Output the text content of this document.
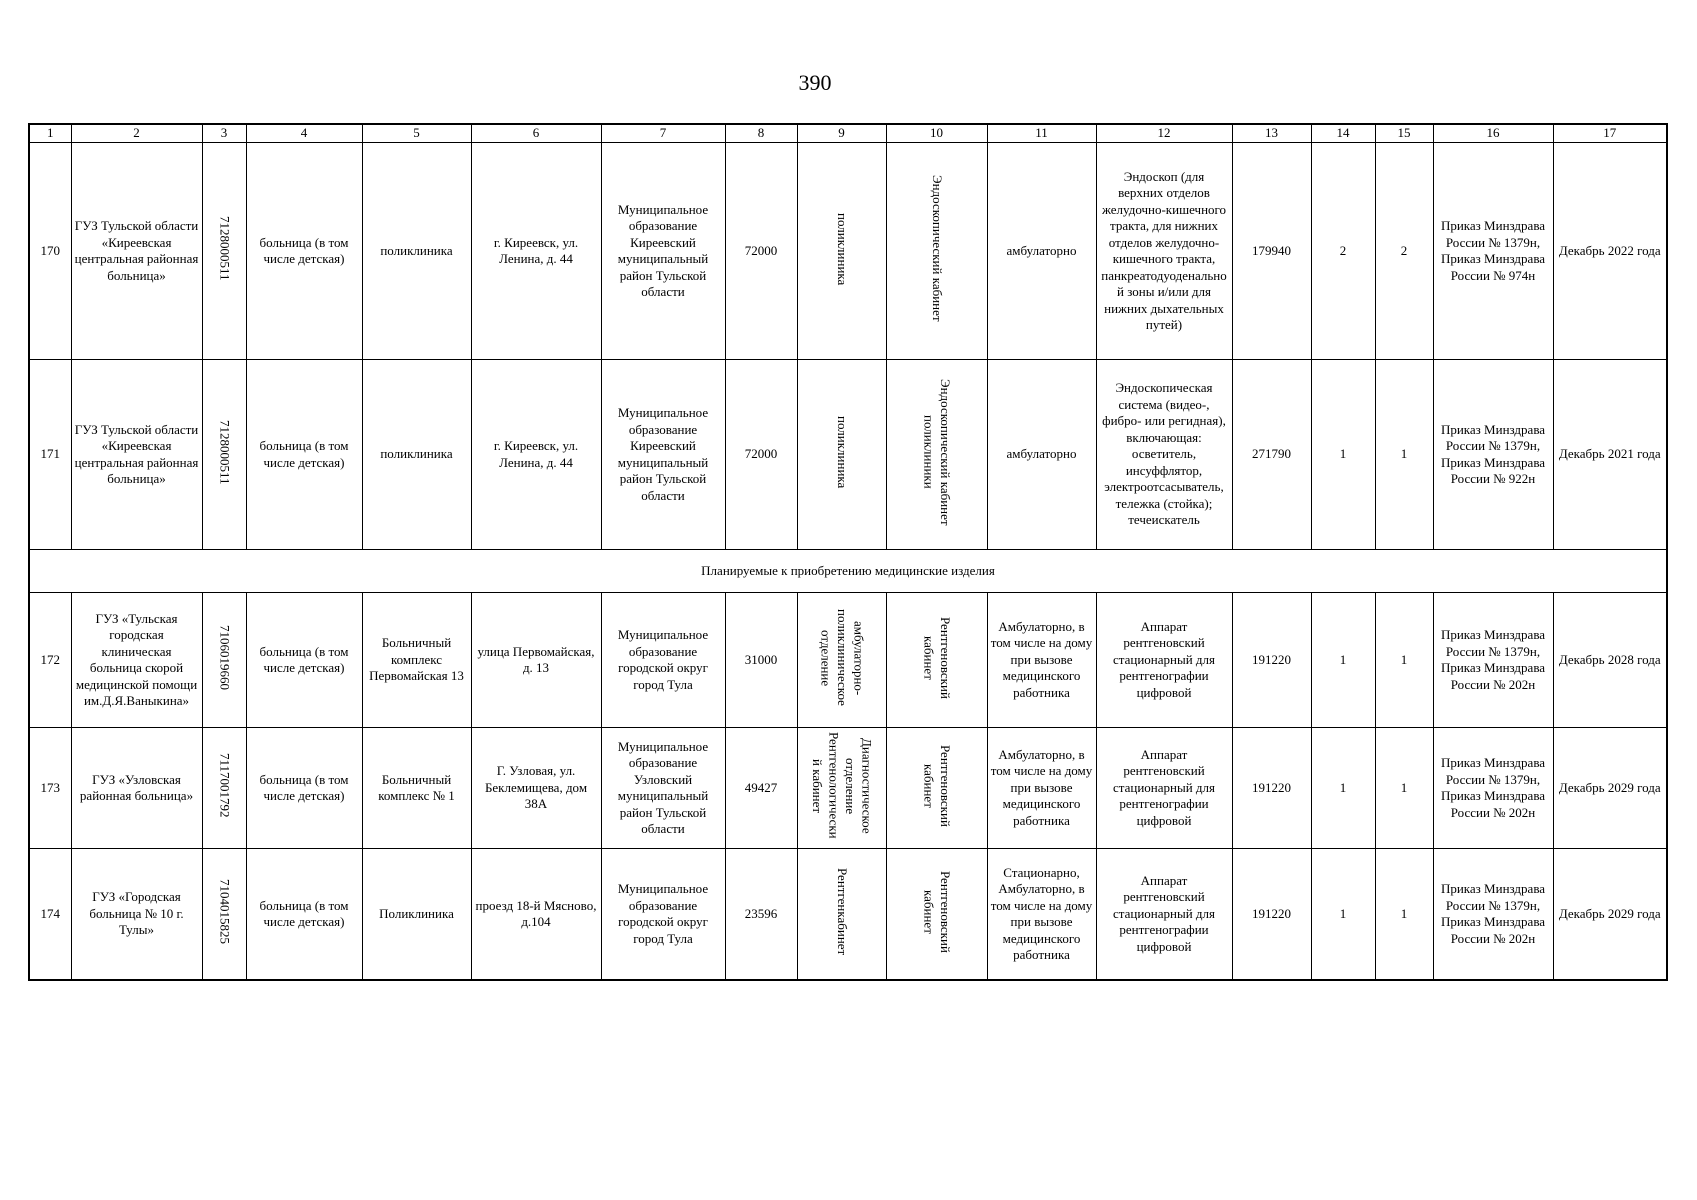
390
1	2	3	4	5	6	7	8	9	10	11	12	13	14	15	16	17
170	ГУЗ Тульской области «Киреевская центральная районная больница»	7128000511	больница (в том числе детская)	поликлиника	г. Киреевск, ул. Ленина, д. 44	Муниципальное образование Киреевский муниципальный район Тульской области	72000	поликлиника	Эндоскопический кабинет	амбулаторно	Эндоскоп (для верхних отделов желудочно-кишечного тракта, для нижних отделов желудочно-кишечного тракта, панкреатодуоденальной зоны и/или для нижних дыхательных путей)	179940	2	2	Приказ Минздрава России № 1379н, Приказ Минздрава России № 974н	Декабрь 2022 года
171	ГУЗ Тульской области «Киреевская центральная районная больница»	7128000511	больница (в том числе детская)	поликлиника	г. Киреевск, ул. Ленина, д. 44	Муниципальное образование Киреевский муниципальный район Тульской области	72000	поликлиника	Эндоскопический кабинет поликлиники	амбулаторно	Эндоскопическая система (видео-, фибро- или регидная), включающая: осветитель, инсуффлятор, электроотсасыватель, тележка (стойка); течеискатель	271790	1	1	Приказ Минздрава России № 1379н, Приказ Минздрава России № 922н	Декабрь 2021 года
Планируемые к приобретению медицинские изделия																
172	ГУЗ «Тульская городская клиническая больница скорой медицинской помощи им.Д.Я.Ваныкина»	7106019660	больница (в том числе детская)	Больничный комплекс Первомайская 13	улица Первомайская, д. 13	Муниципальное образование городской округ город Тула	31000	амбулаторно-поликлиническое отделение	Рентгеновский кабинет	Амбулаторно, в том числе на дому при вызове медицинского работника	Аппарат рентгеновский стационарный для рентгенографии цифровой	191220	1	1	Приказ Минздрава России № 1379н, Приказ Минздрава России № 202н	Декабрь 2028 года
173	ГУЗ «Узловская районная больница»	7117001792	больница (в том числе детская)	Больничный комплекс № 1	Г. Узловая, ул. Беклемищева, дом 38А	Муниципальное образование Узловский муниципальный район Тульской области	49427	Диагностическое отделение Рентгенологический кабинет	Рентгеновский кабинет	Амбулаторно, в том числе на дому при вызове медицинского работника	Аппарат рентгеновский стационарный для рентгенографии цифровой	191220	1	1	Приказ Минздрава России № 1379н, Приказ Минздрава России № 202н	Декабрь 2029 года
174	ГУЗ «Городская больница № 10 г. Тулы»	7104015825	больница (в том числе детская)	Поликлиника	проезд 18-й Мясново, д.104	Муниципальное образование городской округ город Тула	23596	Рентгенкабинет	Рентгеновский кабинет	Стационарно, Амбулаторно, в том числе на дому при вызове медицинского работника	Аппарат рентгеновский стационарный для рентгенографии цифровой	191220	1	1	Приказ Минздрава России № 1379н, Приказ Минздрава России № 202н	Декабрь 2029 года
